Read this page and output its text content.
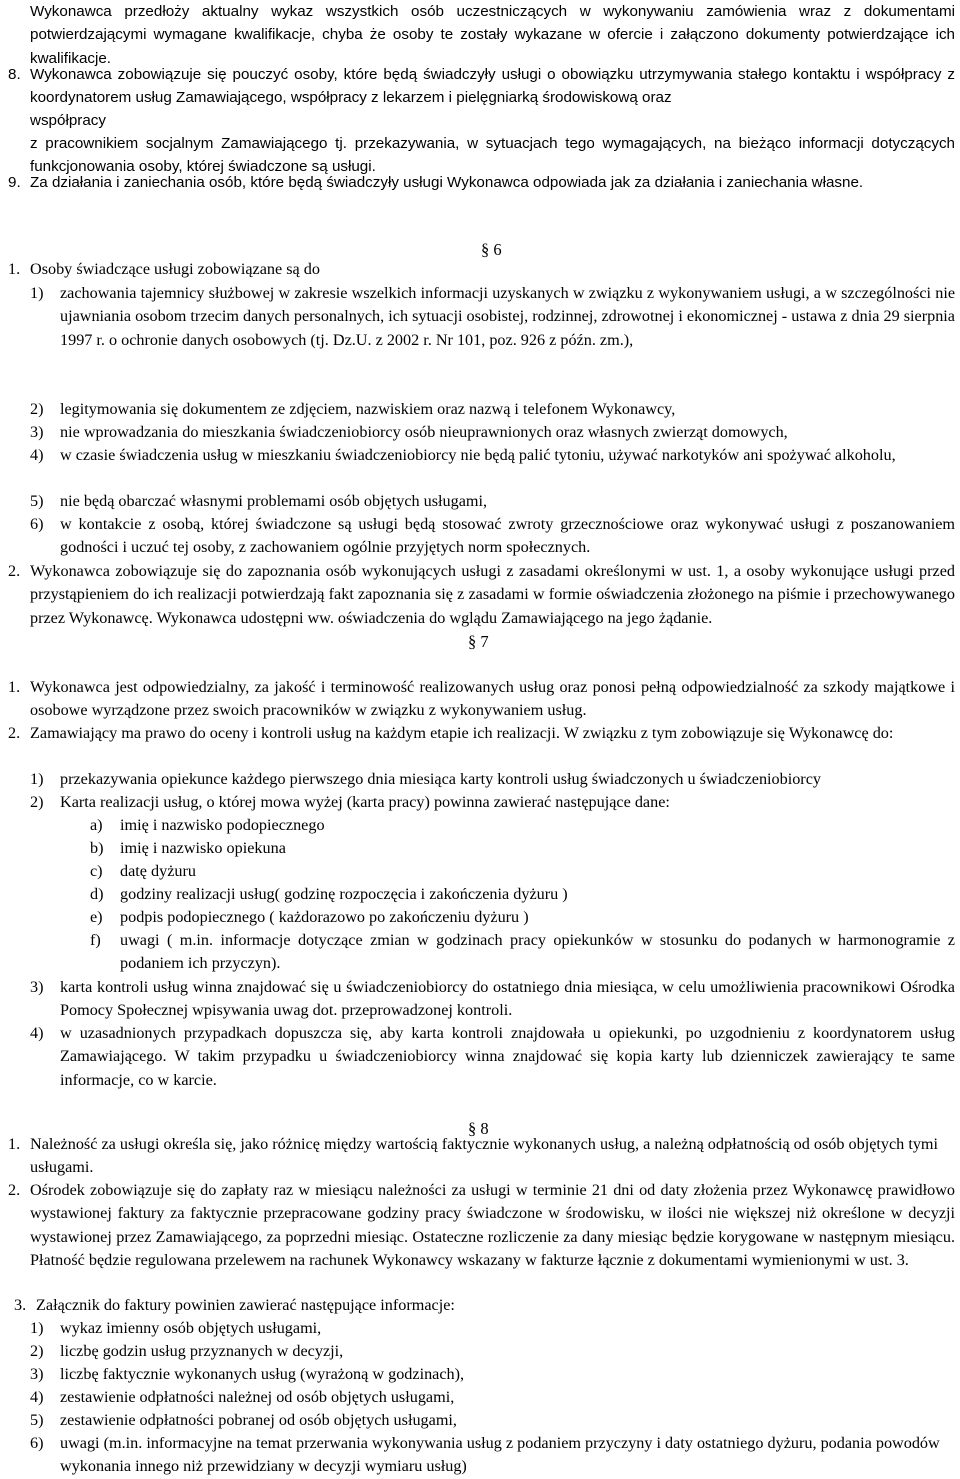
Wykonawca przedłoży aktualny wykaz wszystkich osób uczestniczących w wykonywaniu zamówienia wraz z dokumentami potwierdzającymi wymagane kwalifikacje, chyba że osoby te zostały wykazane w ofercie i załączono dokumenty potwierdzające ich kwalifikacje.
8. Wykonawca zobowiązuje się pouczyć osoby, które będą świadczyły usługi o obowiązku utrzymywania stałego kontaktu i współpracy z koordynatorem usług Zamawiającego, współpracy z lekarzem i pielęgniarką środowiskową oraz
współpracy
z pracownikiem socjalnym Zamawiającego tj. przekazywania, w sytuacjach tego wymagających, na bieżąco informacji dotyczących funkcjonowania osoby, której świadczone są usługi.
9. Za działania i zaniechania osób, które będą świadczyły usługi Wykonawca odpowiada jak za działania i zaniechania własne.
§ 6
1. Osoby świadczące usługi zobowiązane są do
1)	zachowania tajemnicy służbowej w zakresie wszelkich informacji uzyskanych w związku z wykonywaniem usługi, a w szczególności nie ujawniania osobom trzecim danych personalnych, ich sytuacji osobistej, rodzinnej, zdrowotnej i ekonomicznej - ustawa z dnia 29 sierpnia 1997 r. o ochronie danych osobowych (tj. Dz.U. z 2002 r. Nr 101, poz. 926 z późn. zm.),
2)	legitymowania się dokumentem ze zdjęciem, nazwiskiem oraz nazwą i telefonem Wykonawcy,
3)	nie wprowadzania do mieszkania świadczeniobiorcy osób nieuprawnionych oraz własnych zwierząt domowych,
4)	w czasie świadczenia usług w mieszkaniu świadczeniobiorcy nie będą palić tytoniu, używać narkotyków ani spożywać alkoholu,
5)	nie będą obarczać własnymi problemami osób objętych usługami,
6)	w kontakcie z osobą, której świadczone są usługi będą stosować zwroty grzecznościowe oraz wykonywać usługi z poszanowaniem godności i uczuć tej osoby, z zachowaniem ogólnie przyjętych norm społecznych.
2. Wykonawca zobowiązuje się do zapoznania osób wykonujących usługi z zasadami określonymi w ust. 1, a osoby wykonujące usługi przed przystąpieniem do ich realizacji potwierdzają fakt zapoznania się z zasadami w formie oświadczenia złożonego na piśmie i przechowywanego przez Wykonawcę. Wykonawca udostępni ww. oświadczenia do wglądu Zamawiającego na jego żądanie.
§ 7
1. Wykonawca jest odpowiedzialny, za jakość i terminowość realizowanych usług oraz ponosi pełną odpowiedzialność za szkody majątkowe i osobowe wyrządzone przez swoich pracowników w związku z wykonywaniem usług.
2. Zamawiający ma prawo do oceny i kontroli usług na każdym etapie ich realizacji. W związku z tym zobowiązuje się Wykonawcę do:
1)	przekazywania opiekunce każdego pierwszego dnia miesiąca karty kontroli usług świadczonych u świadczeniobiorcy
2)	Karta realizacji usług, o której mowa wyżej (karta pracy) powinna zawierać następujące dane:
a)	imię i nazwisko podopiecznego
b)	imię i nazwisko opiekuna
c)	datę dyżuru
d)	godziny realizacji usług( godzinę rozpoczęcia i zakończenia dyżuru )
e)	podpis podopiecznego ( każdorazowo po zakończeniu dyżuru )
f)	uwagi ( m.in. informacje dotyczące zmian w godzinach pracy opiekunków w stosunku do podanych w harmonogramie z podaniem ich przyczyn).
3)	karta kontroli usług winna znajdować się u świadczeniobiorcy do ostatniego dnia miesiąca, w celu umożliwienia pracownikowi Ośrodka Pomocy Społecznej wpisywania uwag dot. przeprowadzonej kontroli.
4)	w uzasadnionych przypadkach dopuszcza się, aby karta kontroli znajdowała u opiekunki, po uzgodnieniu z koordynatorem usług Zamawiającego. W takim przypadku u świadczeniobiorcy winna znajdować się kopia karty lub dzienniczek zawierający te same informacje, co w karcie.
§ 8
1. Należność za usługi określa się, jako różnicę między wartością faktycznie wykonanych usług, a należną odpłatnością od osób objętych tymi usługami.
2. Ośrodek zobowiązuje się do zapłaty raz w miesiącu należności za usługi w terminie 21 dni od daty złożenia przez Wykonawcę prawidłowo wystawionej faktury za faktycznie przepracowane godziny pracy świadczone w środowisku, w ilości nie większej niż określone w decyzji wystawionej przez Zamawiającego, za poprzedni miesiąc. Ostateczne rozliczenie za dany miesiąc będzie korygowane w następnym miesiącu. Płatność będzie regulowana przelewem na rachunek Wykonawcy wskazany w fakturze łącznie z dokumentami wymienionymi w ust. 3.
3. Załącznik do faktury powinien zawierać następujące informacje:
1)	wykaz imienny osób objętych usługami,
2)	liczbę godzin usług przyznanych w decyzji,
3)	liczbę faktycznie wykonanych usług (wyrażoną w godzinach),
4)	zestawienie odpłatności należnej od osób objętych usługami,
5)	zestawienie odpłatności pobranej od osób objętych usługami,
6)	uwagi (m.in. informacyjne na temat przerwania wykonywania usług z podaniem przyczyny i daty ostatniego dyżuru, podania powodów wykonania innego niż przewidziany w decyzji wymiaru usług)
